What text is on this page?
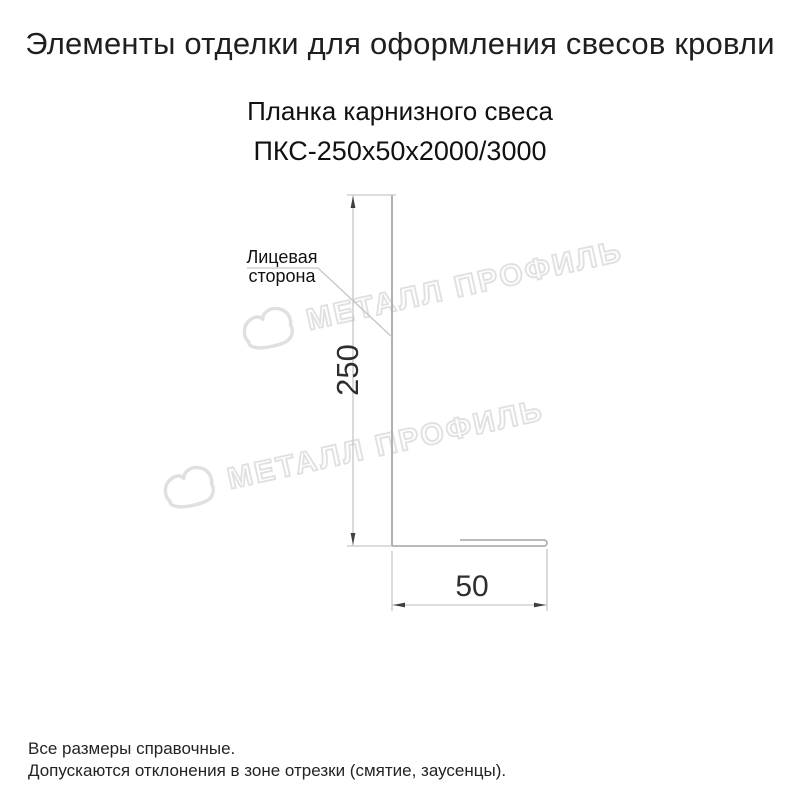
Элементы отделки для оформления свесов кровли
Планка карнизного свеса
ПКС-250х50х2000/3000
МЕТАЛЛ ПРОФИЛЬ
МЕТАЛЛ ПРОФИЛЬ
250
50
Лицевая
сторона
Все размеры справочные.
Допускаются отклонения в зоне отрезки (смятие, заусенцы).
